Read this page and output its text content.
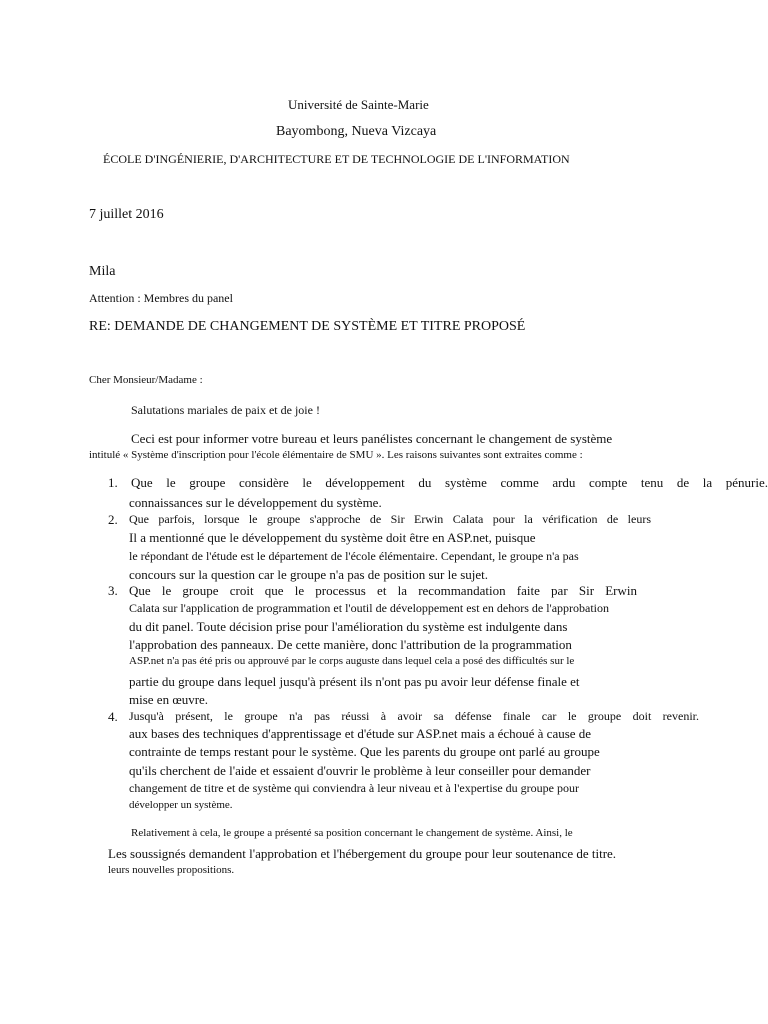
Université de Sainte-Marie
Bayombong, Nueva Vizcaya
ÉCOLE D'INGÉNIERIE, D'ARCHITECTURE ET DE TECHNOLOGIE DE L'INFORMATION
7 juillet 2016
Mila
Attention : Membres du panel
RE: DEMANDE DE CHANGEMENT DE SYSTÈME ET TITRE PROPOSÉ
Cher Monsieur/Madame :
Salutations mariales de paix et de joie !
Ceci est pour informer votre bureau et leurs panélistes concernant le changement de système
intitulé « Système d'inscription pour l'école élémentaire de SMU ». Les raisons suivantes sont extraites comme :
1. Que le groupe considère le développement du système comme ardu compte tenu de la pénurie.
connaissances sur le développement du système.
2. Que parfois, lorsque le groupe s'approche de Sir Erwin Calata pour la vérification de leurs
Il a mentionné que le développement du système doit être en ASP.net, puisque
le répondant de l'étude est le département de l'école élémentaire. Cependant, le groupe n'a pas
concours sur la question car le groupe n'a pas de position sur le sujet.
3. Que le groupe croit que le processus et la recommandation faite par Sir Erwin
Calata sur l'application de programmation et l'outil de développement est en dehors de l'approbation
du dit panel. Toute décision prise pour l'amélioration du système est indulgente dans
l'approbation des panneaux. De cette manière, donc l'attribution de la programmation
ASP.net n'a pas été pris ou approuvé par le corps auguste dans lequel cela a posé des difficultés sur le
partie du groupe dans lequel jusqu'à présent ils n'ont pas pu avoir leur défense finale et
mise en œuvre.
4. Jusqu'à présent, le groupe n'a pas réussi à avoir sa défense finale car le groupe doit revenir.
aux bases des techniques d'apprentissage et d'étude sur ASP.net mais a échoué à cause de
contrainte de temps restant pour le système. Que les parents du groupe ont parlé au groupe
qu'ils cherchent de l'aide et essaient d'ouvrir le problème à leur conseiller pour demander
changement de titre et de système qui conviendra à leur niveau et à l'expertise du groupe pour
développer un système.
Relativement à cela, le groupe a présenté sa position concernant le changement de système. Ainsi, le
Les soussignés demandent l'approbation et l'hébergement du groupe pour leur soutenance de titre.
leurs nouvelles propositions.
